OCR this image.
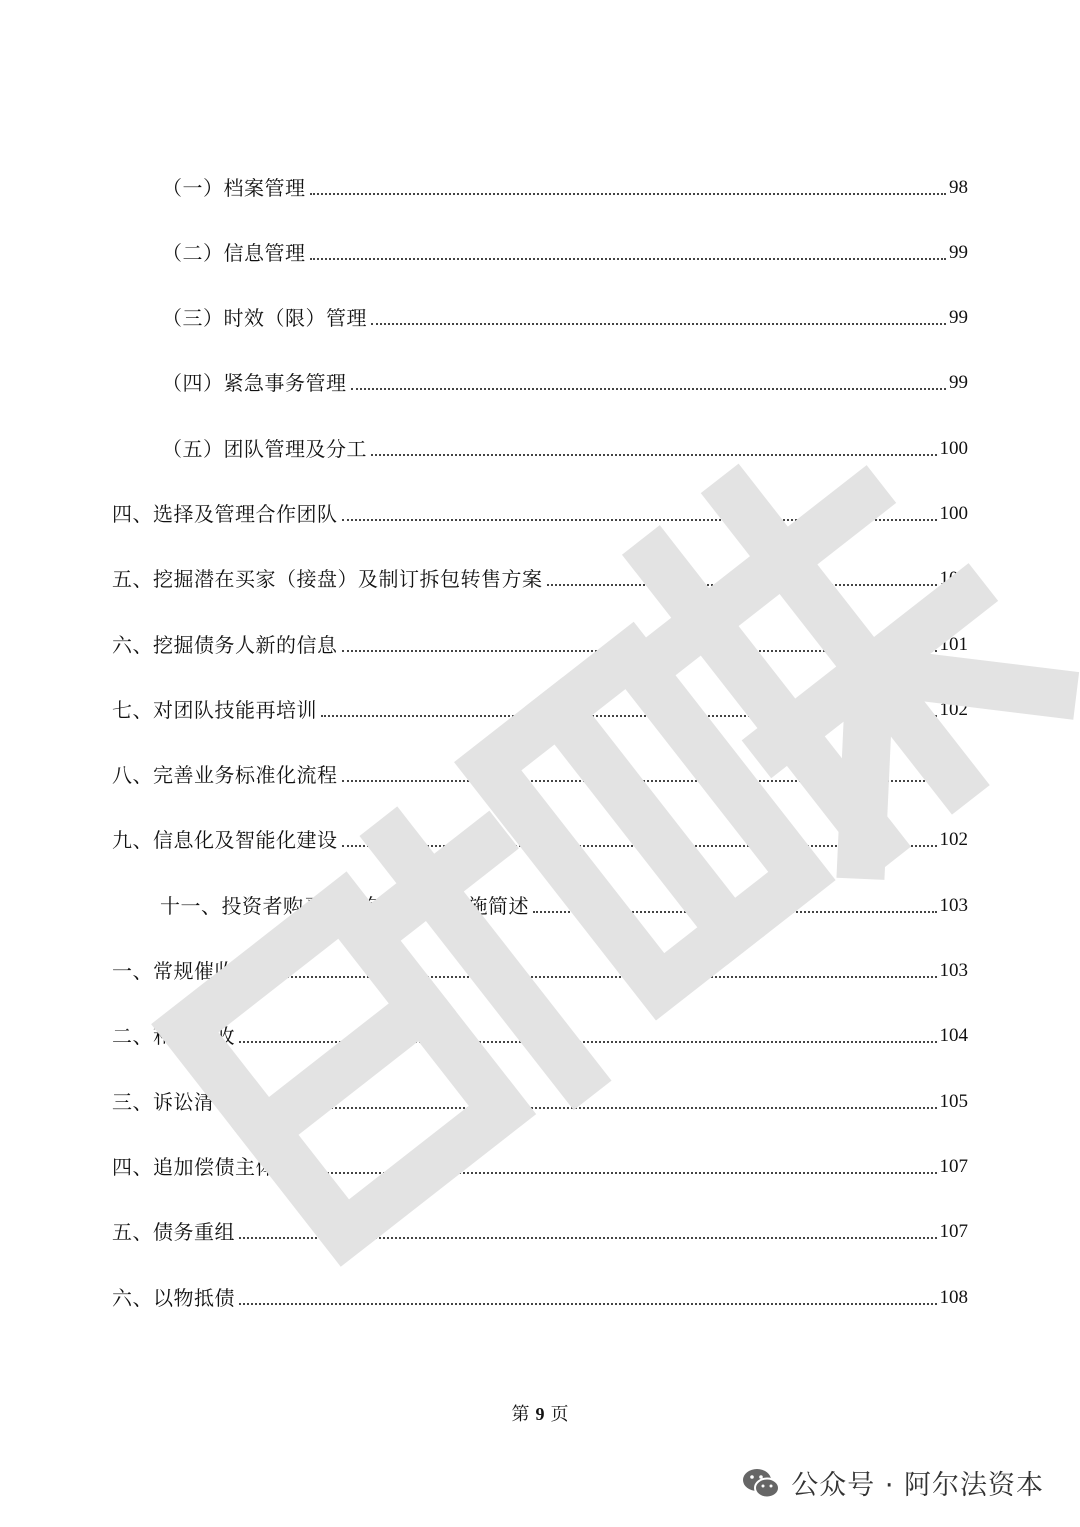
（一）档案管理	98
（二）信息管理	99
（三）时效（限）管理	99
（四）紧急事务管理	99
（五）团队管理及分工	100
四、选择及管理合作团队	100
五、挖掘潜在买家（接盘）及制订拆包转售方案	101
六、挖掘债务人新的信息	101
七、对团队技能再培训	102
八、完善业务标准化流程	102
九、信息化及智能化建设	102
十一、投资者购买资产包后处置措施简述	103
一、常规催收	103
二、和解清收	104
三、诉讼清收	105
四、追加偿债主体	107
五、债务重组	107
六、以物抵债	108
第 9 页
公众号 · 阿尔法资本
